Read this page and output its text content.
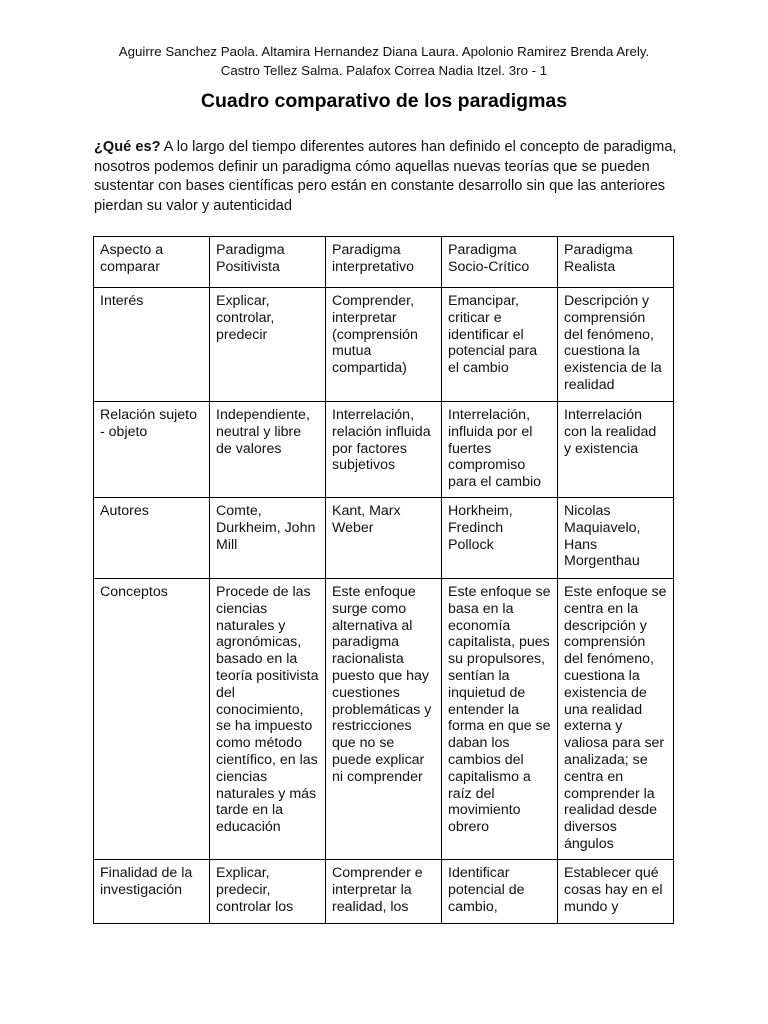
Aguirre Sanchez Paola. Altamira Hernandez Diana Laura. Apolonio Ramirez Brenda Arely.
Castro Tellez Salma. Palafox Correa Nadia Itzel. 3ro - 1
Cuadro comparativo de los paradigmas
¿Qué es? A lo largo del tiempo diferentes autores han definido el concepto de paradigma, nosotros podemos definir un paradigma cómo aquellas nuevas teorías que se pueden sustentar con bases científicas pero están en constante desarrollo sin que las anteriores pierdan su valor y autenticidad
Aspecto a comparar	Paradigma Positivista	Paradigma interpretativo	Paradigma Socio-Crítico	Paradigma Realista
Interés	Explicar, controlar, predecir	Comprender, interpretar (comprensión mutua compartida)	Emancipar, criticar e identificar el potencial para el cambio	Descripción y comprensión del fenómeno, cuestiona la existencia de la realidad
Relación sujeto - objeto	Independiente, neutral y libre de valores	Interrelación, relación influida por factores subjetivos	Interrelación, influida por el fuertes compromiso para el cambio	Interrelación con la realidad y existencia
Autores	Comte, Durkheim, John Mill	Kant, Marx Weber	Horkheim, Fredinch Pollock	Nicolas Maquiavelo, Hans Morgenthau
Conceptos	Procede de las ciencias naturales y agronómicas, basado en la teoría positivista del conocimiento, se ha impuesto como método científico, en las ciencias naturales y más tarde en la educación	Este enfoque surge como alternativa al paradigma racionalista puesto que hay cuestiones problemáticas y restricciones que no se puede explicar ni comprender	Este enfoque se basa en la economía capitalista, pues su propulsores, sentían la inquietud de entender la forma en que se daban los cambios del capitalismo a raíz del movimiento obrero	Este enfoque se centra en la descripción y comprensión del fenómeno, cuestiona la existencia de una realidad externa y valiosa para ser analizada; se centra en comprender la realidad desde diversos ángulos
Finalidad de la investigación	Explicar, predecir, controlar los	Comprender e interpretar la realidad, los	Identificar potencial de cambio,	Establecer qué cosas hay en el mundo y
